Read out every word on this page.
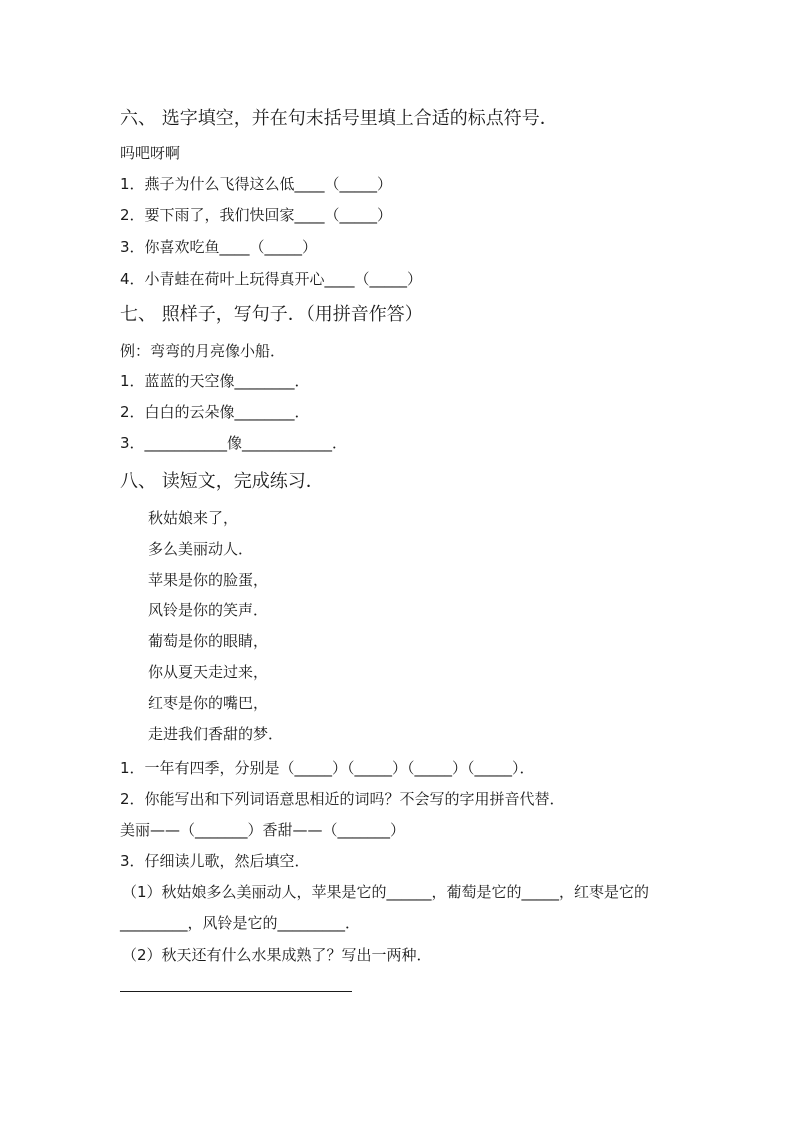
六、 选字填空，并在句末括号里填上合适的标点符号．
吗吧呀啊
1．燕子为什么飞得这么低____（_____）
2．要下雨了，我们快回家____（_____）
3．你喜欢吃鱼____（_____）
4．小青蛙在荷叶上玩得真开心____（_____）
七、 照样子，写句子．（用拼音作答）
例：弯弯的月亮像小船．
1．蓝蓝的天空像________．
2．白白的云朵像________．
3．___________像____________．
八、 读短文，完成练习．
秋姑娘来了，
多么美丽动人．
苹果是你的脸蛋，
风铃是你的笑声．
葡萄是你的眼睛，
你从夏天走过来，
红枣是你的嘴巴，
走进我们香甜的梦．
1．一年有四季，分别是（_____）（_____）（_____）（_____）．
2．你能写出和下列词语意思相近的词吗？不会写的字用拼音代替．
美丽——（_______）香甜——（_______）
3．仔细读儿歌，然后填空．
（1）秋姑娘多么美丽动人，苹果是它的______，葡萄是它的_____，红枣是它的
_________，风铃是它的_________．
（2）秋天还有什么水果成熟了？写出一两种．
